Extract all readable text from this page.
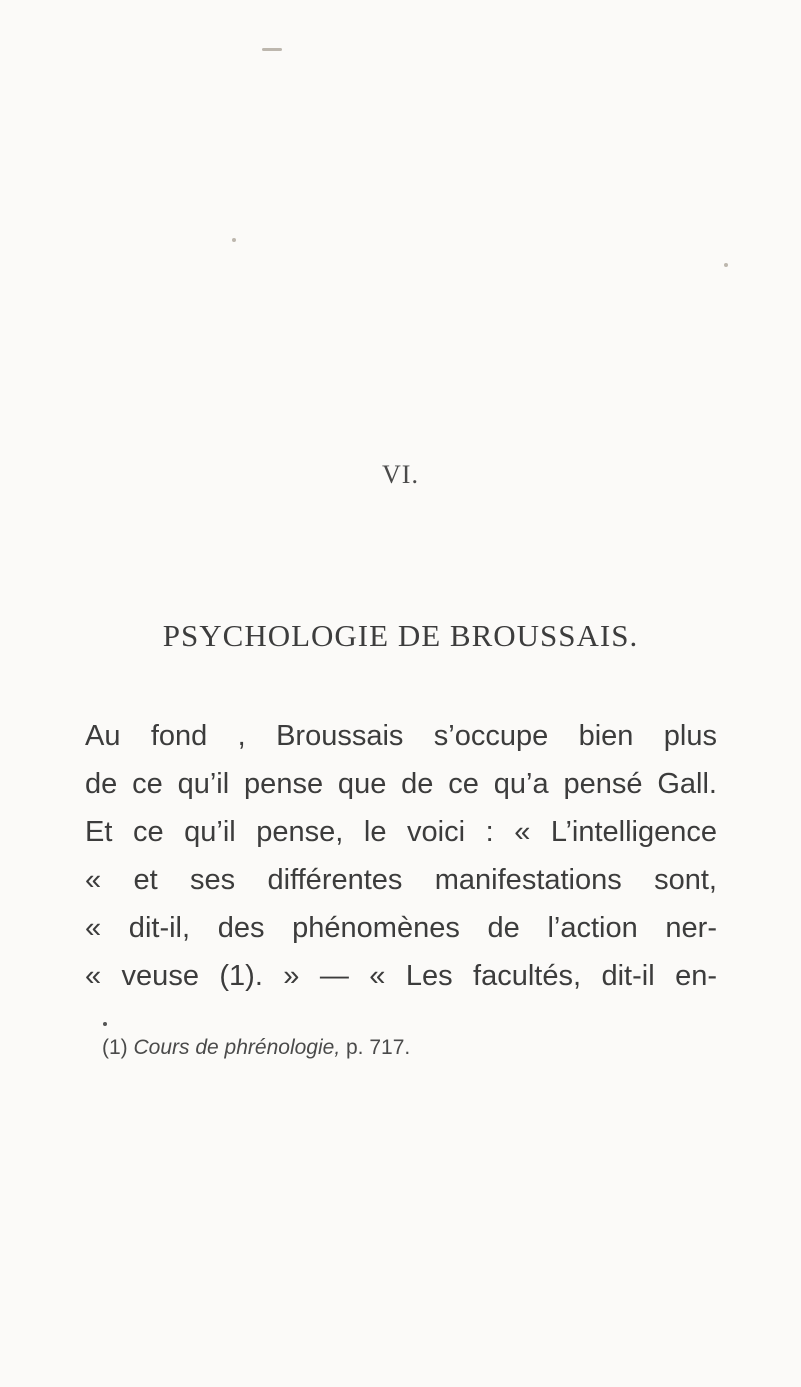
VI.
PSYCHOLOGIE DE BROUSSAIS.
Au fond , Broussais s’occupe bien plus
de ce qu’il pense que de ce qu’a pensé Gall.
Et ce qu’il pense, le voici : « L’intelligence
« et ses différentes manifestations sont,
« dit-il, des phénomènes de l’action ner-
« veuse (1). » — « Les facultés, dit-il en-
(1) Cours de phrénologie, p. 717.
